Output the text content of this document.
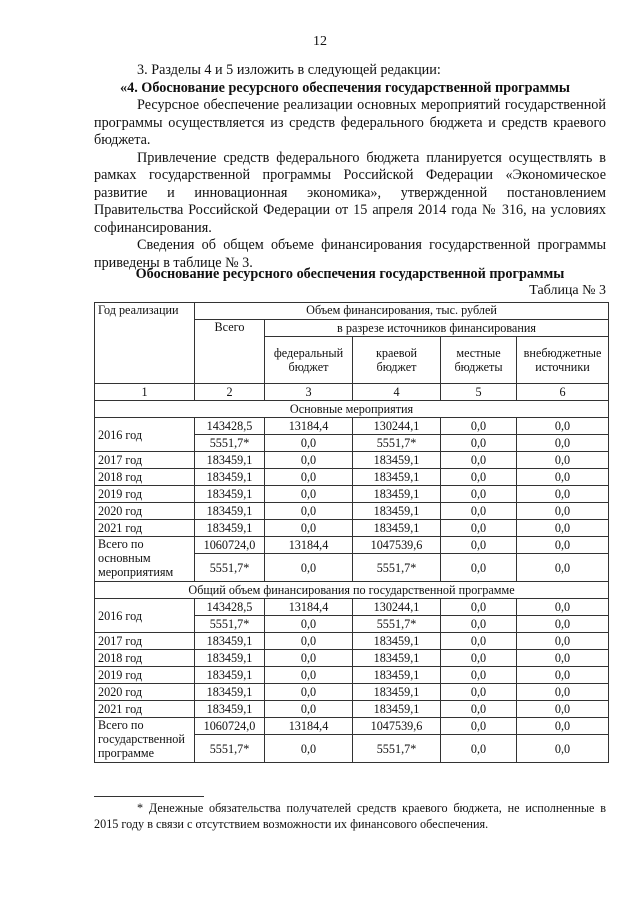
12

3. Разделы 4 и 5 изложить в следующей редакции:

«4. Обоснование ресурсного обеспечения государственной программы

Ресурсное обеспечение реализации основных мероприятий государственной программы осуществляется из средств федерального бюджета и средств краевого бюджета.

Привлечение средств федерального бюджета планируется осуществлять в рамках государственной программы Российской Федерации «Экономическое развитие и инновационная экономика», утвержденной постановлением Правительства Российской Федерации от 15 апреля 2014 года № 316, на условиях софинансирования.

Сведения об общем объеме финансирования государственной программы приведены в таблице № 3.

Обоснование ресурсного обеспечения государственной программы
Таблица № 3
Год реализации	Объем финансирования, тыс. рублей				
	Всего	в разрезе источников финансирования			
		федеральный бюджет	краевой бюджет	местные бюджеты	внебюджетные источники
1	2	3	4	5	6
Основные мероприятия					
2016 год	143428,5	13184,4	130244,1	0,0	0,0
	5551,7*	0,0	5551,7*	0,0	0,0
2017 год	183459,1	0,0	183459,1	0,0	0,0
2018 год	183459,1	0,0	183459,1	0,0	0,0
2019 год	183459,1	0,0	183459,1	0,0	0,0
2020 год	183459,1	0,0	183459,1	0,0	0,0
2021 год	183459,1	0,0	183459,1	0,0	0,0
Всего по основным мероприятиям	1060724,0	13184,4	1047539,6	0,0	0,0
	5551,7*	0,0	5551,7*	0,0	0,0
Общий объем финансирования по государственной программе					
2016 год	143428,5	13184,4	130244,1	0,0	0,0
	5551,7*	0,0	5551,7*	0,0	0,0
2017 год	183459,1	0,0	183459,1	0,0	0,0
2018 год	183459,1	0,0	183459,1	0,0	0,0
2019 год	183459,1	0,0	183459,1	0,0	0,0
2020 год	183459,1	0,0	183459,1	0,0	0,0
2021 год	183459,1	0,0	183459,1	0,0	0,0
Всего по государственной программе	1060724,0	13184,4	1047539,6	0,0	0,0
	5551,7*	0,0	5551,7*	0,0	0,0
* Денежные обязательства получателей средств краевого бюджета, не исполненные в 2015 году в связи с отсутствием возможности их финансового обеспечения.
